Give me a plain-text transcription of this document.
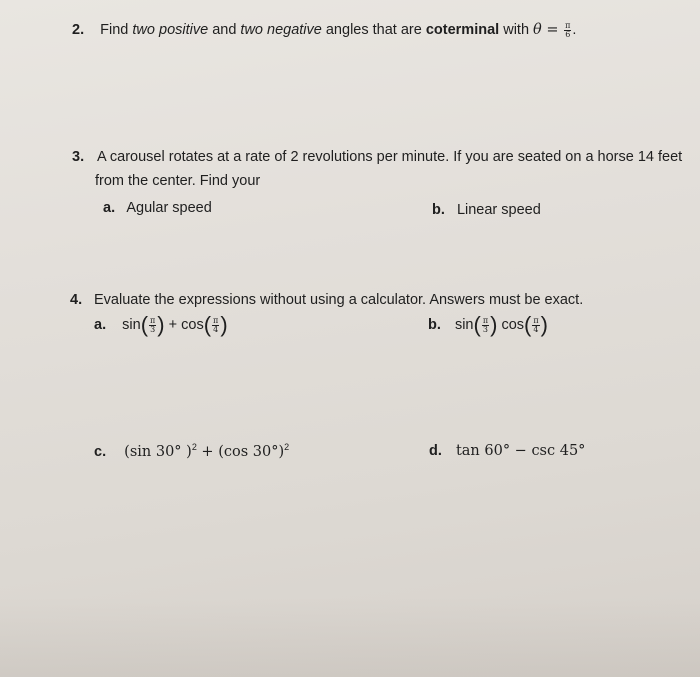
2. Find two positive and two negative angles that are coterminal with $\theta = \frac{\pi}{6}$ .
3. A carousel rotates at a rate of 2 revolutions per minute. If you are seated on a horse 14 feet
from the center. Find your
a. Agular speed	b. Linear speed
4. Evaluate the expressions without using a calculator. Answers must be exact.
a. $\sin( \frac{\pi}{3}$ ) + $\cos( \frac{\pi}{4}$ )	b. $\sin( \frac{\pi}{3}$ ) $\cos( \frac{\pi}{4}$ )
c. (sin 30° )$^2$ + (cos 30°)$^2$	d. tan 60° − csc 45°
